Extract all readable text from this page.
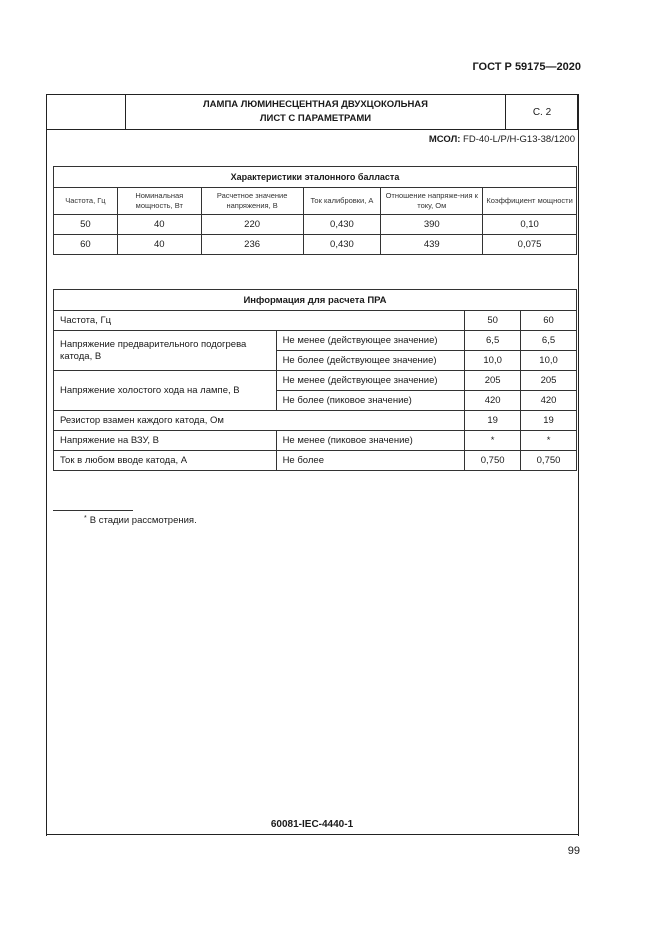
ГОСТ Р 59175—2020
ЛАМПА ЛЮМИНЕСЦЕНТНАЯ ДВУХЦОКОЛЬНАЯ
ЛИСТ С ПАРАМЕТРАМИ
С. 2
МСОЛ: FD-40-L/P/H-G13-38/1200
Характеристики эталонного балласта					
Частота, Гц	Номинальная мощность, Вт	Расчетное значение напряжения, В	Ток калибровки, А	Отношение напряже-ния к току, Ом	Коэффициент мощности
50	40	220	0,430	390	0,10
60	40	236	0,430	439	0,075
Информация для расчета ПРА			
Частота, Гц		50	60
Напряжение предварительного подогрева катода, В	Не менее (действующее значение)	6,5	6,5
	Не более (действующее значение)	10,0	10,0
Напряжение холостого хода на лампе, В	Не менее (действующее значение)	205	205
	Не более (пиковое значение)	420	420
Резистор взамен каждого катода, Ом		19	19
Напряжение на ВЗУ, В	Не менее (пиковое значение)	*	*
Ток в любом вводе катода, А	Не более	0,750	0,750
* В стадии рассмотрения.
60081-IEC-4440-1
99
